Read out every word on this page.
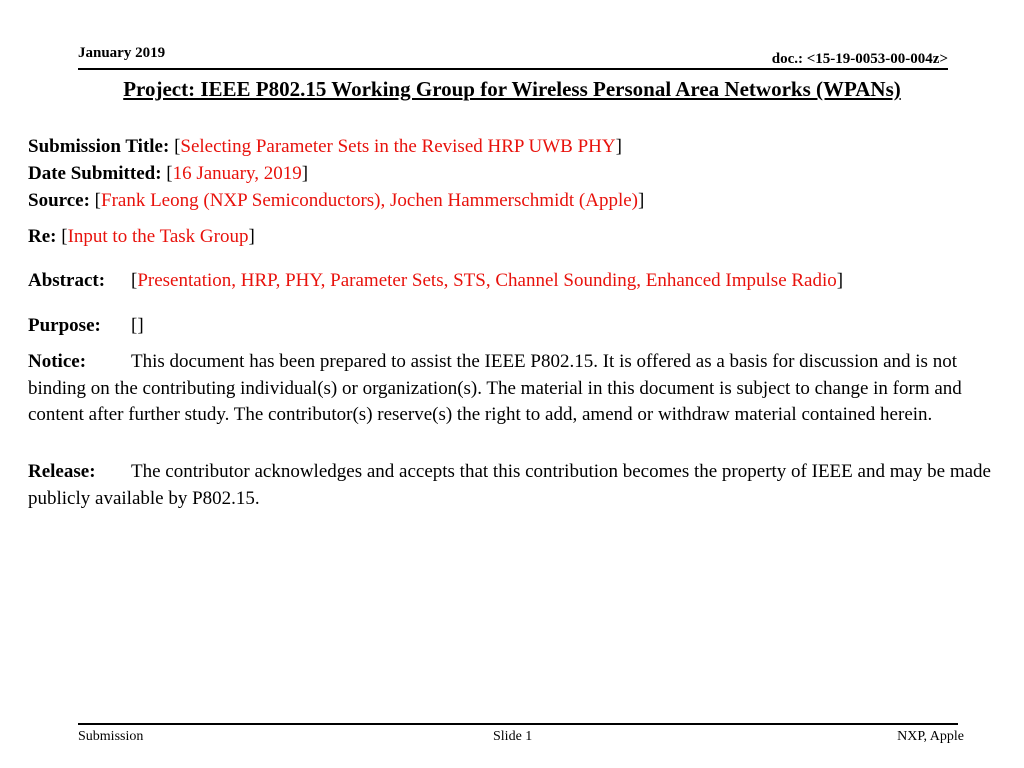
January 2019	doc.: <15-19-0053-00-004z>
Project: IEEE P802.15 Working Group for Wireless Personal Area Networks (WPANs)
Submission Title: [Selecting Parameter Sets in the Revised HRP UWB PHY]
Date Submitted: [16 January, 2019]
Source: [Frank Leong (NXP Semiconductors), Jochen Hammerschmidt (Apple)]
Re: [Input to the Task Group]
Abstract: [Presentation, HRP, PHY, Parameter Sets, STS, Channel Sounding, Enhanced Impulse Radio]
Purpose: []
Notice: This document has been prepared to assist the IEEE P802.15. It is offered as a basis for discussion and is not binding on the contributing individual(s) or organization(s). The material in this document is subject to change in form and content after further study. The contributor(s) reserve(s) the right to add, amend or withdraw material contained herein.
Release: The contributor acknowledges and accepts that this contribution becomes the property of IEEE and may be made publicly available by P802.15.
Submission	Slide 1	NXP, Apple
